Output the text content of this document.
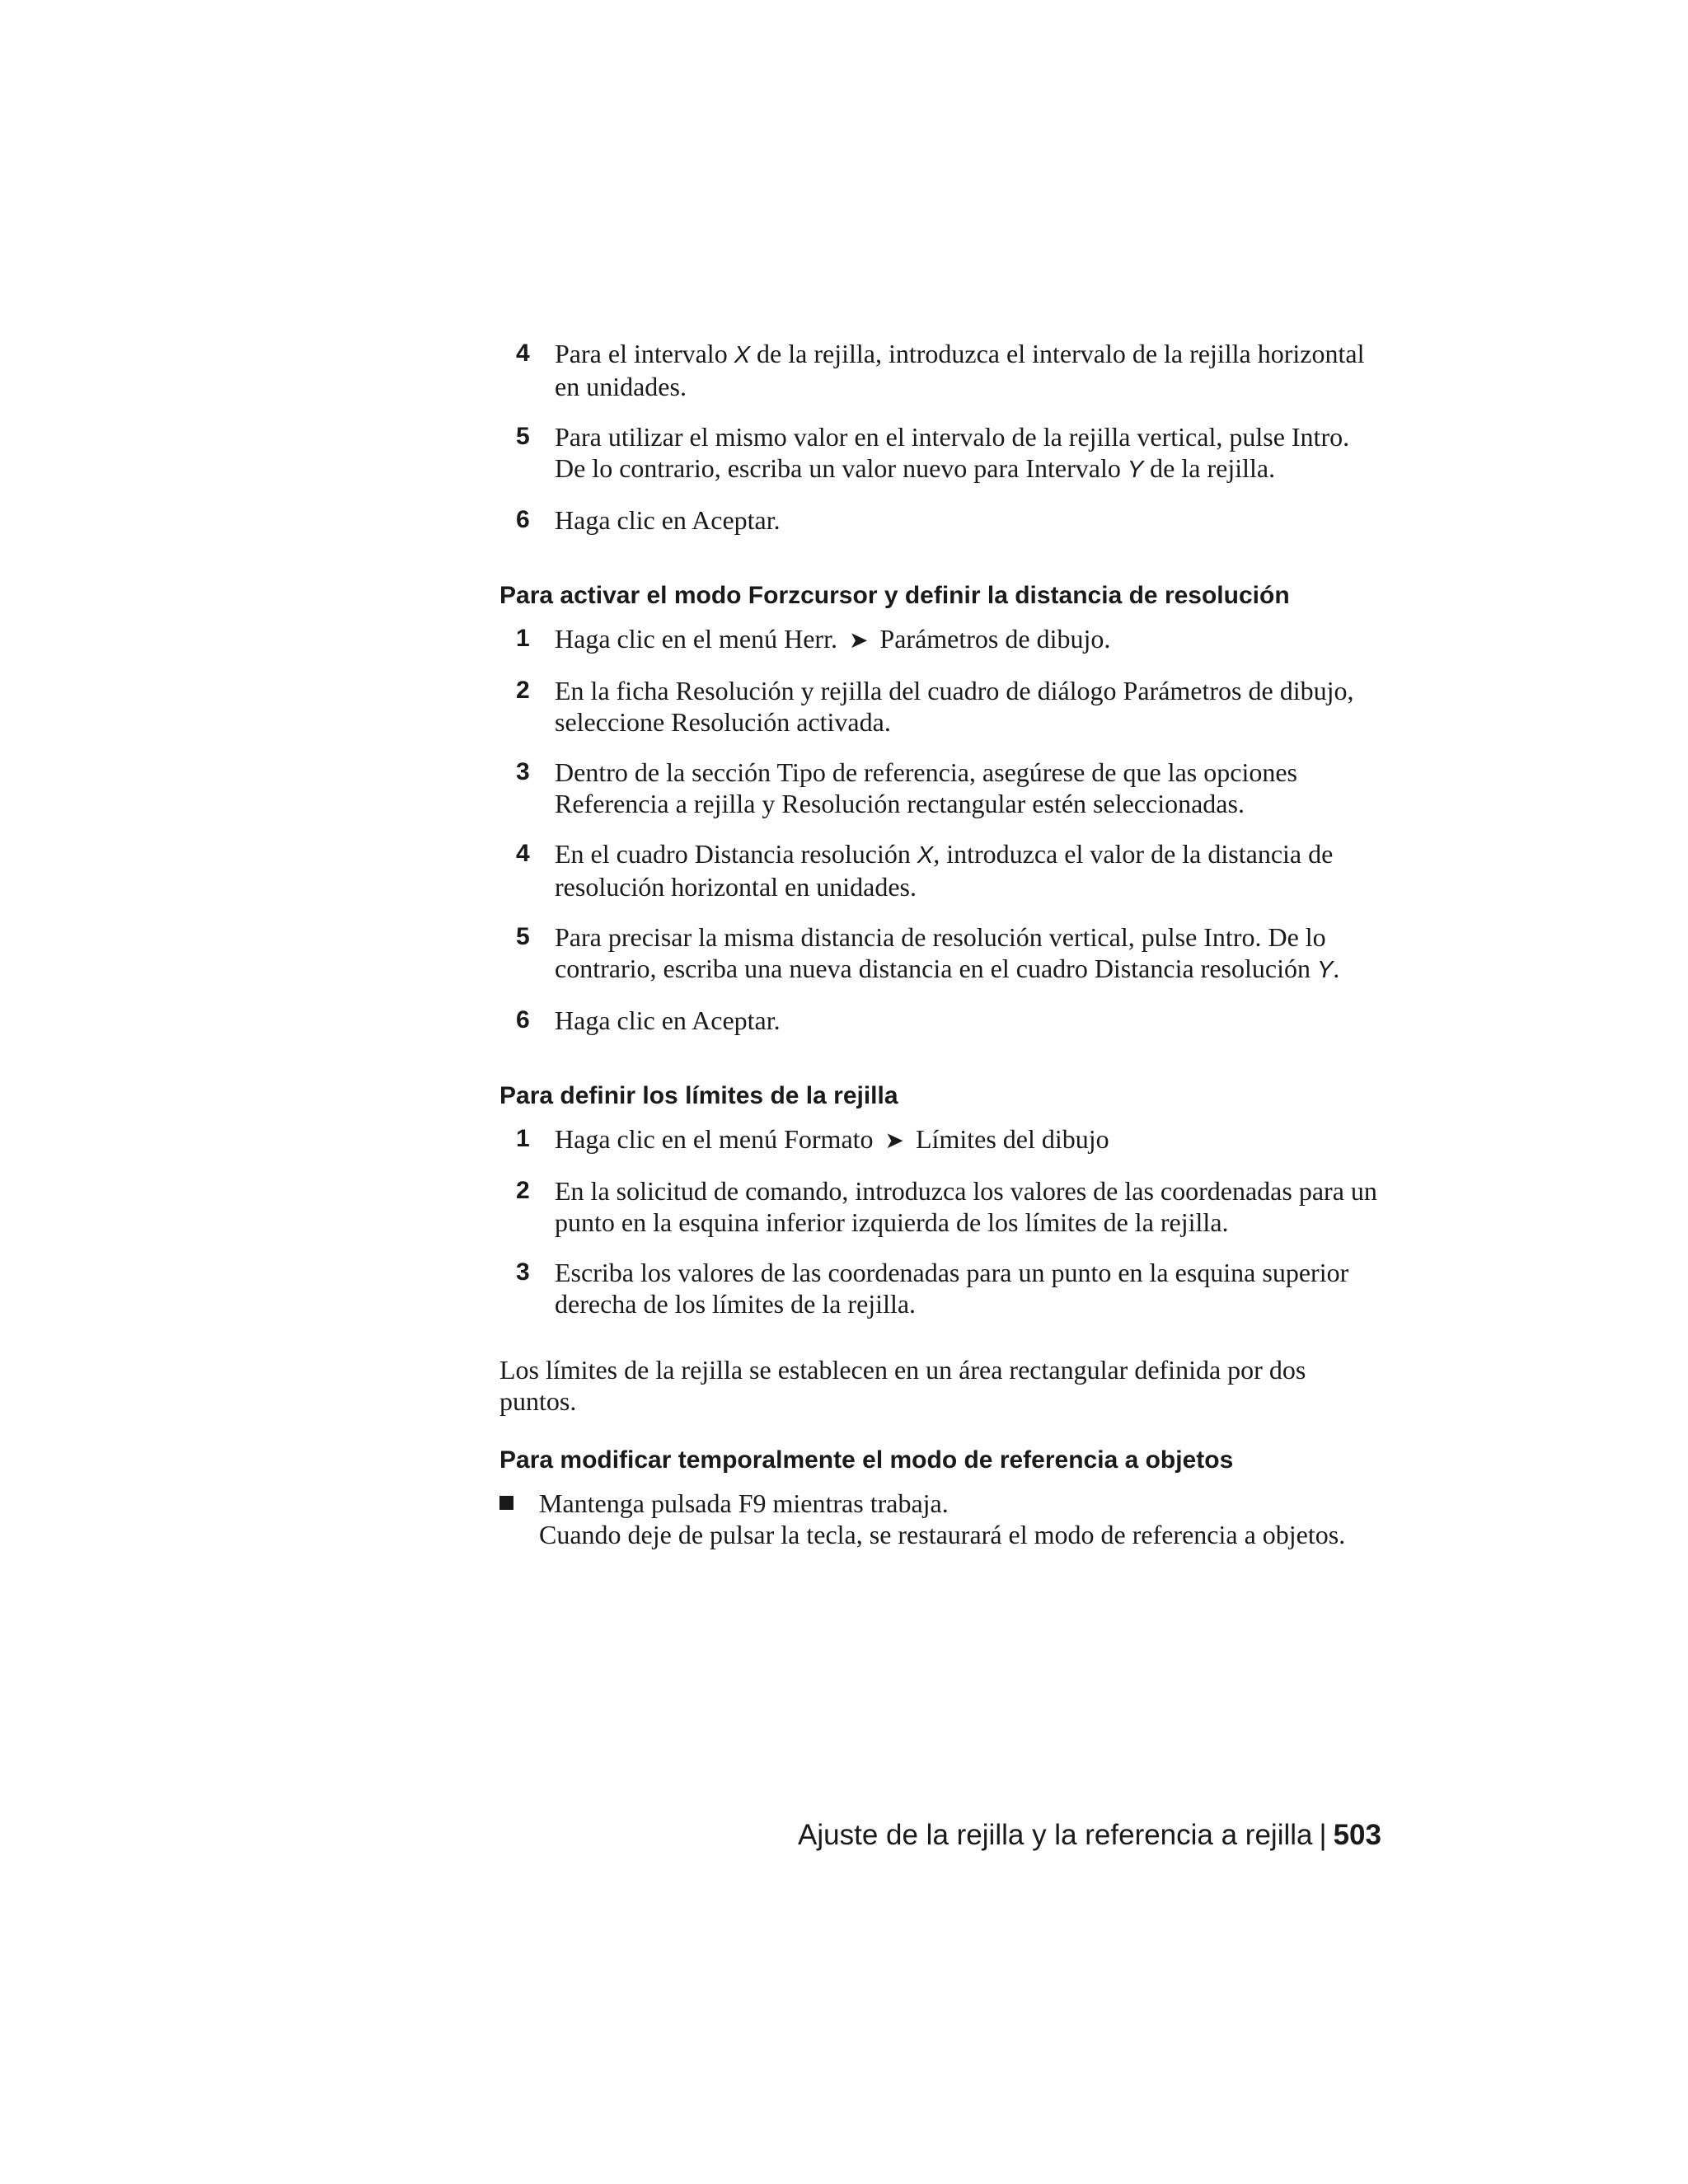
4 Para el intervalo X de la rejilla, introduzca el intervalo de la rejilla horizontal en unidades.
5 Para utilizar el mismo valor en el intervalo de la rejilla vertical, pulse Intro. De lo contrario, escriba un valor nuevo para Intervalo Y de la rejilla.
6 Haga clic en Aceptar.
Para activar el modo Forzcursor y definir la distancia de resolución
1 Haga clic en el menú Herr. ➤ Parámetros de dibujo.
2 En la ficha Resolución y rejilla del cuadro de diálogo Parámetros de dibujo, seleccione Resolución activada.
3 Dentro de la sección Tipo de referencia, asegúrese de que las opciones Referencia a rejilla y Resolución rectangular estén seleccionadas.
4 En el cuadro Distancia resolución X, introduzca el valor de la distancia de resolución horizontal en unidades.
5 Para precisar la misma distancia de resolución vertical, pulse Intro. De lo contrario, escriba una nueva distancia en el cuadro Distancia resolución Y.
6 Haga clic en Aceptar.
Para definir los límites de la rejilla
1 Haga clic en el menú Formato ➤ Límites del dibujo
2 En la solicitud de comando, introduzca los valores de las coordenadas para un punto en la esquina inferior izquierda de los límites de la rejilla.
3 Escriba los valores de las coordenadas para un punto en la esquina superior derecha de los límites de la rejilla.
Los límites de la rejilla se establecen en un área rectangular definida por dos puntos.
Para modificar temporalmente el modo de referencia a objetos
Mantenga pulsada F9 mientras trabaja.
Cuando deje de pulsar la tecla, se restaurará el modo de referencia a objetos.
Ajuste de la rejilla y la referencia a rejilla | 503
